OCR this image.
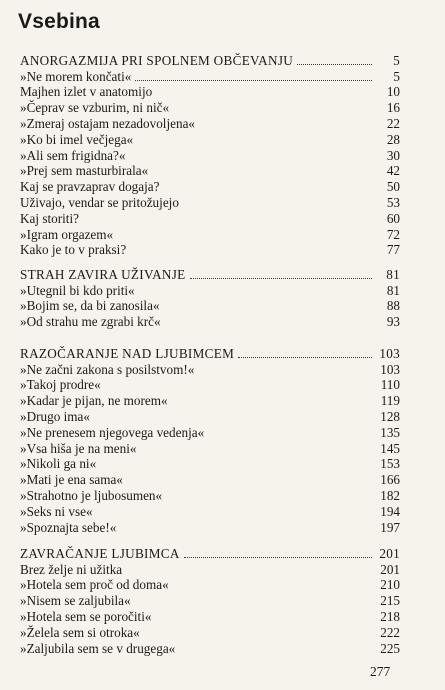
Vsebina
ANORGAZMIJA PRI SPOLNEM OBČEVANJU	5
»Ne morem končati«	5
Majhen izlet v anatomijo	10
»Čeprav se vzburim, ni nič«	16
»Zmeraj ostajam nezadovoljena«	22
»Ko bi imel večjega«	28
»Ali sem frigidna?«	30
»Prej sem masturbirala«	42
Kaj se pravzaprav dogaja?	50
Uživajo, vendar se pritožujejo	53
Kaj storiti?	60
»Igram orgazem«	72
Kako je to v praksi?	77
STRAH ZAVIRA UŽIVANJE	81
»Utegnil bi kdo priti«	81
»Bojim se, da bi zanosila«	88
»Od strahu me zgrabi krč«	93
RAZOČARANJE NAD LJUBIMCEM	103
»Ne začni zakona s posilstvom!«	103
»Takoj prodre«	110
»Kadar je pijan, ne morem«	119
»Drugo ima«	128
»Ne prenesem njegovega vedenja«	135
»Vsa hiša je na meni«	145
»Nikoli ga ni«	153
»Mati je ena sama«	166
»Strahotno je ljubosumen«	182
»Seks ni vse«	194
»Spoznajta sebe!«	197
ZAVRAČANJE LJUBIMCA	201
Brez želje ni užitka	201
»Hotela sem proč od doma«	210
»Nisem se zaljubila«	215
»Hotela sem se poročiti«	218
»Želela sem si otroka«	222
»Zaljubila sem se v drugega«	225
277
